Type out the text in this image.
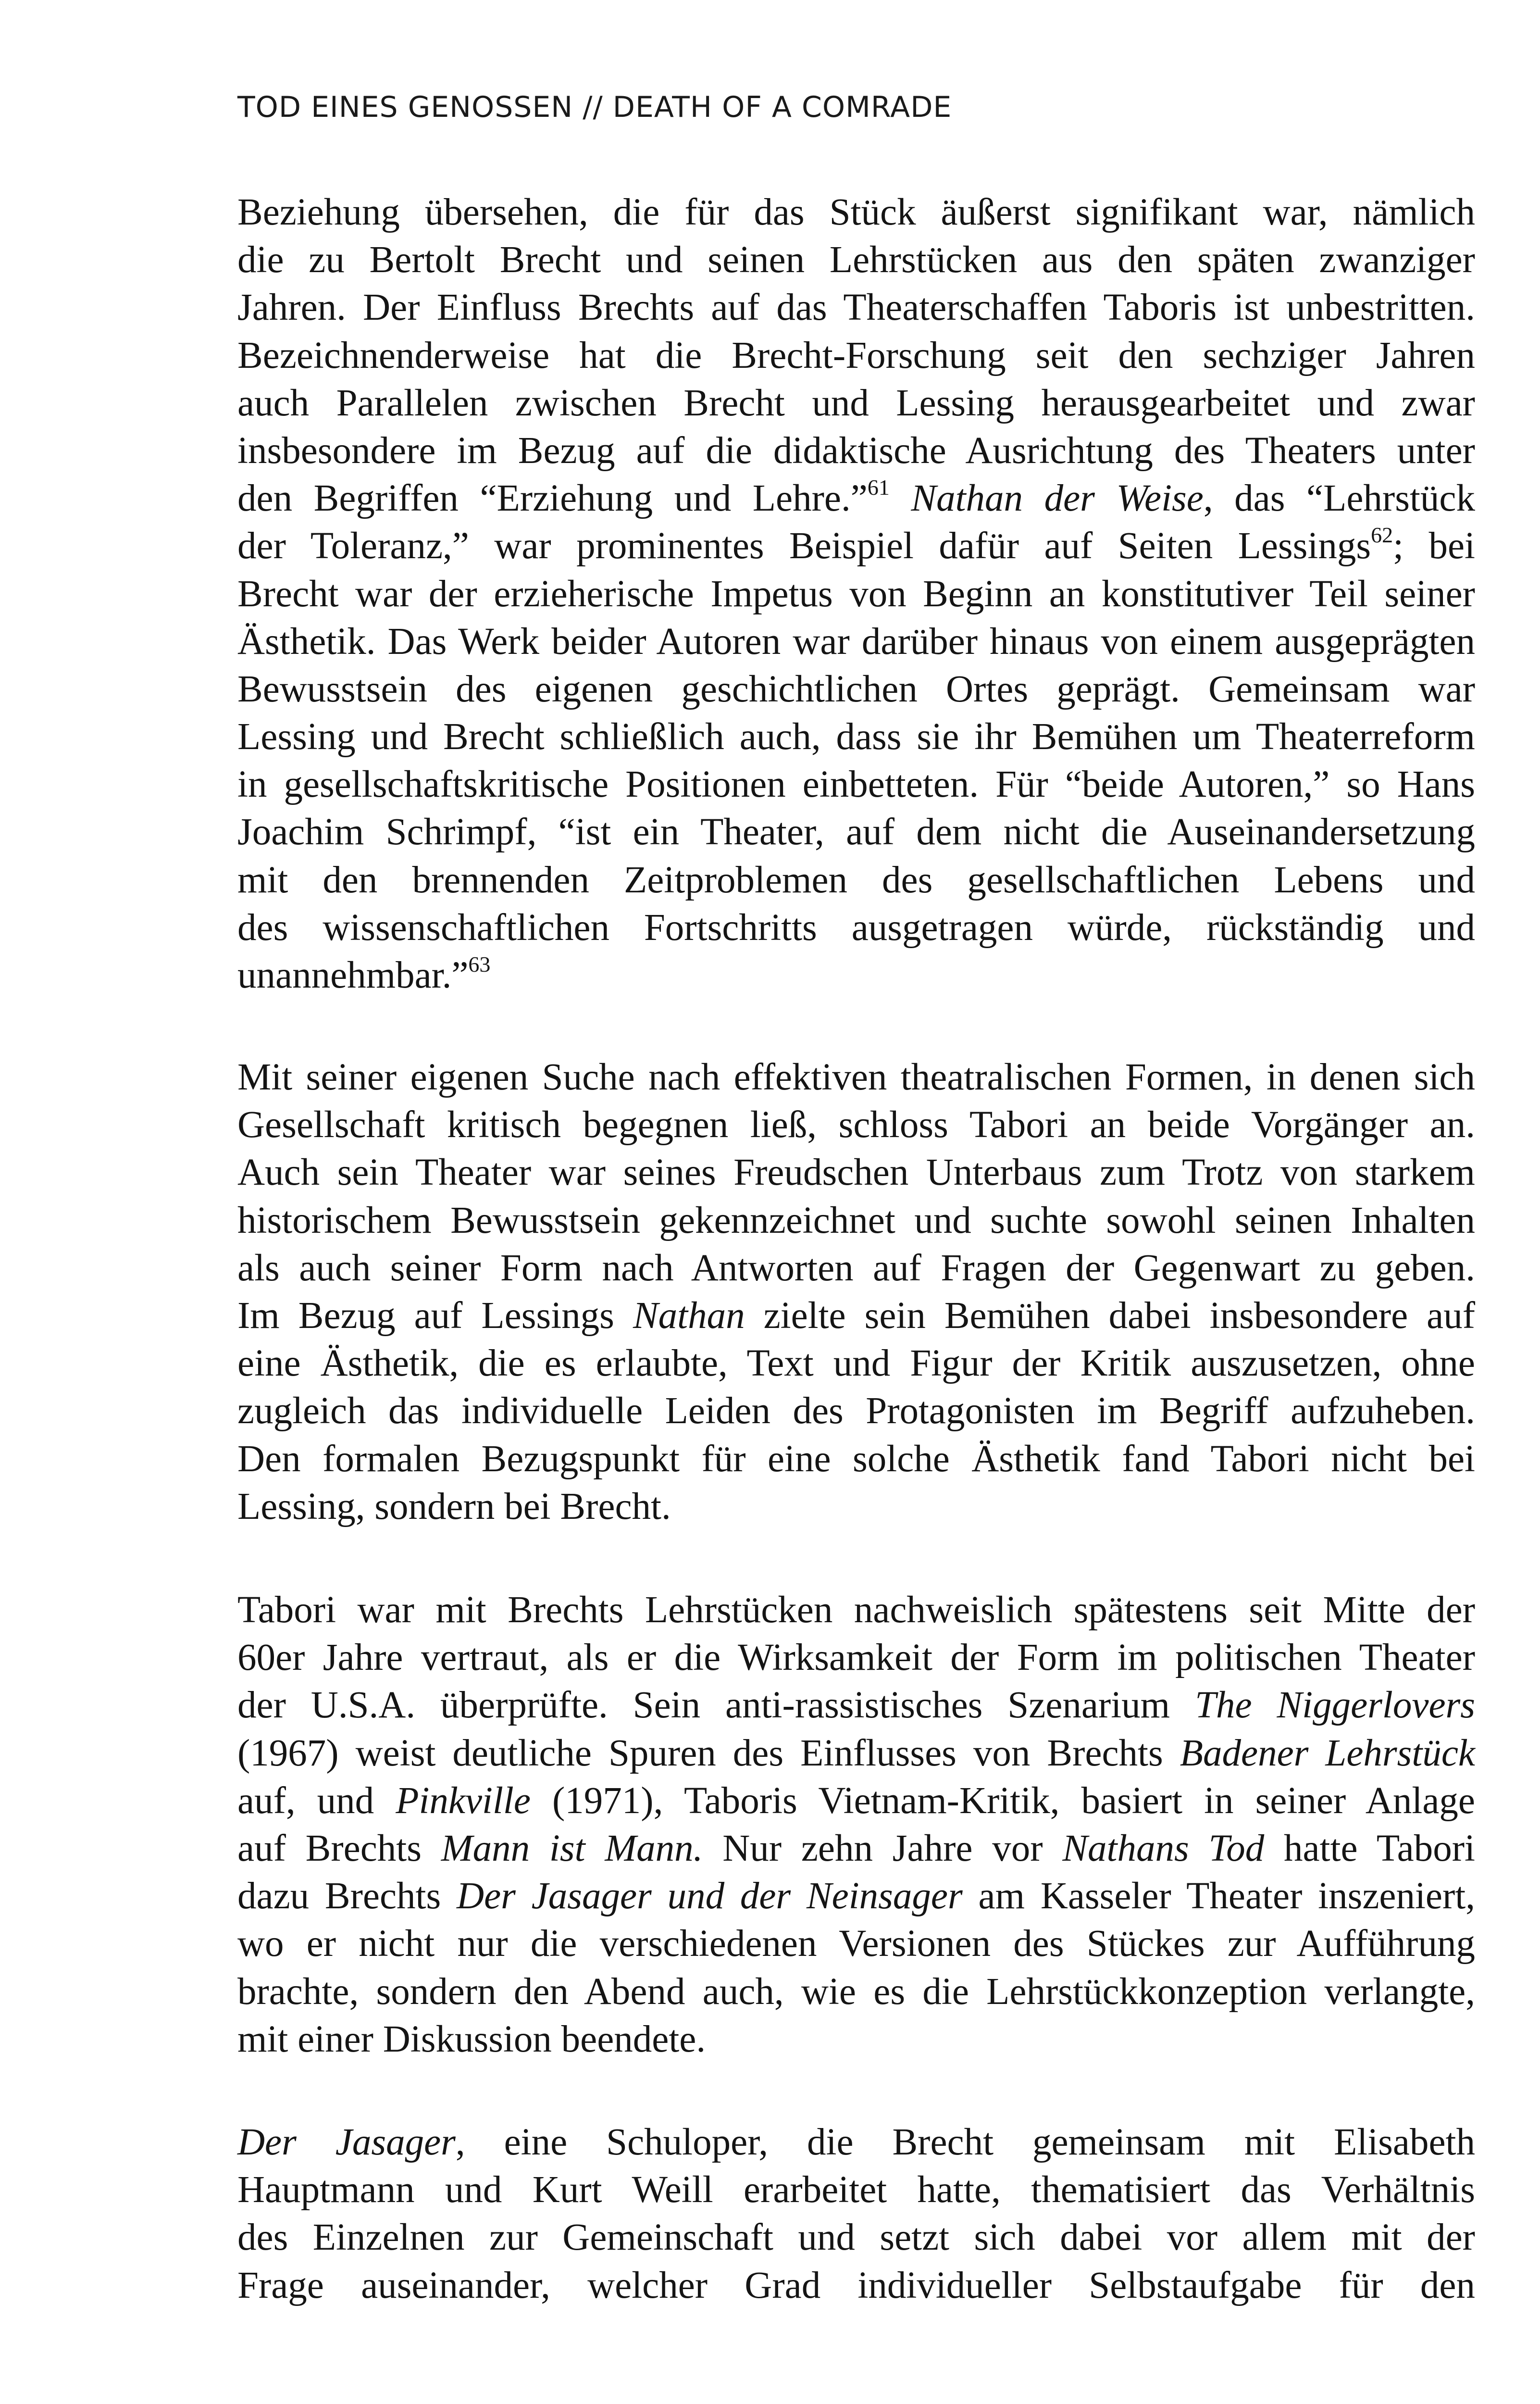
TOD EINES GENOSSEN // DEATH OF A COMRADE
Beziehung übersehen, die für das Stück äußerst signifikant war, nämlich
die zu Bertolt Brecht und seinen Lehrstücken aus den späten zwanziger
Jahren. Der Einfluss Brechts auf das Theaterschaffen Taboris ist unbestritten.
Bezeichnenderweise hat die Brecht-Forschung seit den sechziger Jahren
auch Parallelen zwischen Brecht und Lessing herausgearbeitet und zwar
insbesondere im Bezug auf die didaktische Ausrichtung des Theaters unter
den Begriffen “Erziehung und Lehre.”$^{61}$ Nathan der Weise, das “Lehrstück
der Toleranz,” war prominentes Beispiel dafür auf Seiten Lessings$^{62}$; bei
Brecht war der erzieherische Impetus von Beginn an konstitutiver Teil seiner
Ästhetik. Das Werk beider Autoren war darüber hinaus von einem ausgeprägten
Bewusstsein des eigenen geschichtlichen Ortes geprägt. Gemeinsam war
Lessing und Brecht schließlich auch, dass sie ihr Bemühen um Theaterreform
in gesellschaftskritische Positionen einbetteten. Für “beide Autoren,” so Hans
Joachim Schrimpf, “ist ein Theater, auf dem nicht die Auseinandersetzung
mit den brennenden Zeitproblemen des gesellschaftlichen Lebens und
des wissenschaftlichen Fortschritts ausgetragen würde, rückständig und
unannehmbar.”$^{63}$
Mit seiner eigenen Suche nach effektiven theatralischen Formen, in denen sich
Gesellschaft kritisch begegnen ließ, schloss Tabori an beide Vorgänger an.
Auch sein Theater war seines Freudschen Unterbaus zum Trotz von starkem
historischem Bewusstsein gekennzeichnet und suchte sowohl seinen Inhalten
als auch seiner Form nach Antworten auf Fragen der Gegenwart zu geben.
Im Bezug auf Lessings Nathan zielte sein Bemühen dabei insbesondere auf
eine Ästhetik, die es erlaubte, Text und Figur der Kritik auszusetzen, ohne
zugleich das individuelle Leiden des Protagonisten im Begriff aufzuheben.
Den formalen Bezugspunkt für eine solche Ästhetik fand Tabori nicht bei
Lessing, sondern bei Brecht.
Tabori war mit Brechts Lehrstücken nachweislich spätestens seit Mitte der
60er Jahre vertraut, als er die Wirksamkeit der Form im politischen Theater
der U.S.A. überprüfte. Sein anti-rassistisches Szenarium The Niggerlovers
(1967) weist deutliche Spuren des Einflusses von Brechts Badener Lehrstück
auf, und Pinkville (1971), Taboris Vietnam-Kritik, basiert in seiner Anlage
auf Brechts Mann ist Mann. Nur zehn Jahre vor Nathans Tod hatte Tabori
dazu Brechts Der Jasager und der Neinsager am Kasseler Theater inszeniert,
wo er nicht nur die verschiedenen Versionen des Stückes zur Aufführung
brachte, sondern den Abend auch, wie es die Lehrstückkonzeption verlangte,
mit einer Diskussion beendete.
Der Jasager, eine Schuloper, die Brecht gemeinsam mit Elisabeth
Hauptmann und Kurt Weill erarbeitet hatte, thematisiert das Verhältnis
des Einzelnen zur Gemeinschaft und setzt sich dabei vor allem mit der
Frage auseinander, welcher Grad individueller Selbstaufgabe für den
